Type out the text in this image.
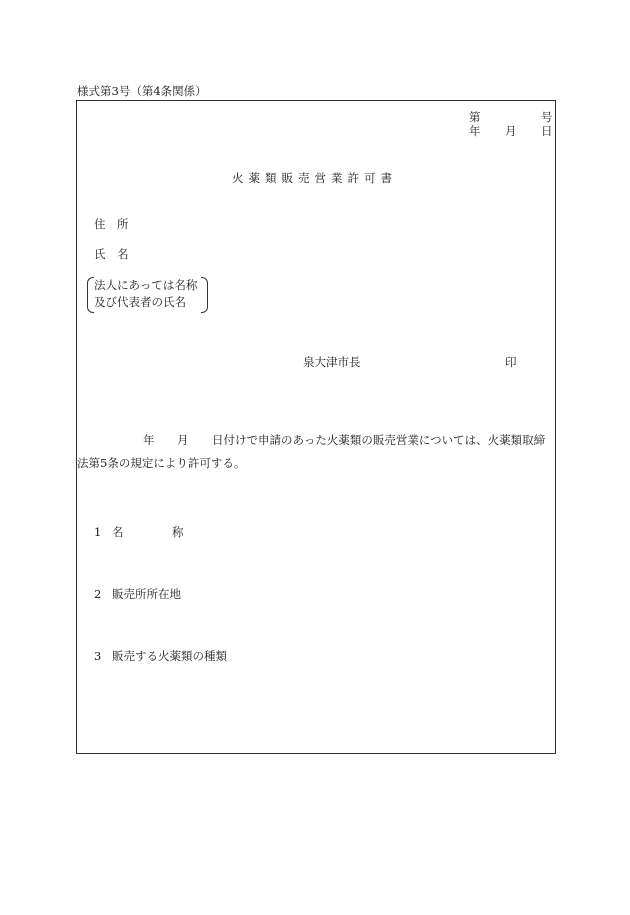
様式第3号（第4条関係）
第	号
年 月 日
火薬類販売営業許可書
住　所
氏　名
法人にあっては名称
及び代表者の氏名
泉大津市長	印
年 月 日付けで申請のあった火薬類の販売営業については、火薬類取締
法第5条の規定により許可する。
1 名	称
2 販売所所在地
3 販売する火薬類の種類
